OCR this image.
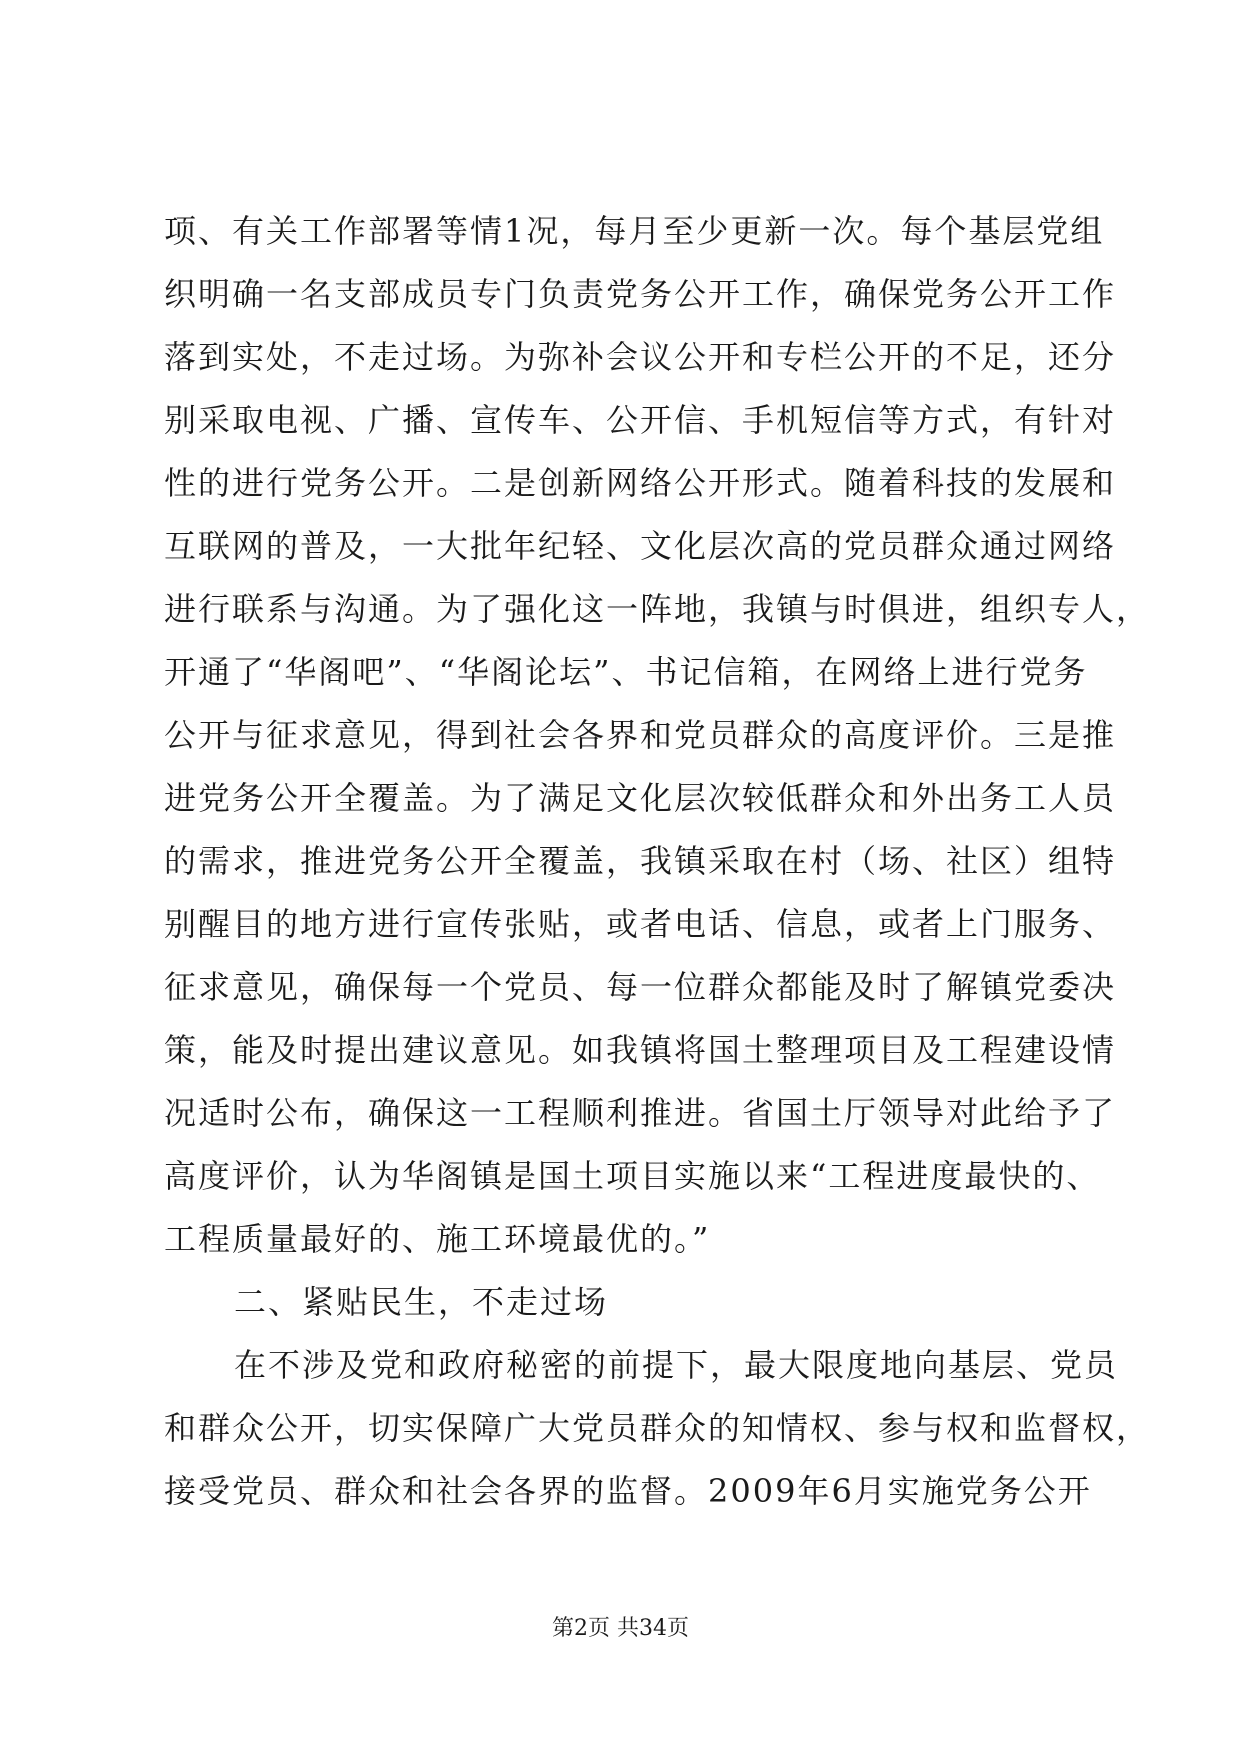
项、有关工作部署等情1况，每月至少更新一次。每个基层党组
织明确一名支部成员专门负责党务公开工作，确保党务公开工作
落到实处，不走过场。为弥补会议公开和专栏公开的不足，还分
别采取电视、广播、宣传车、公开信、手机短信等方式，有针对
性的进行党务公开。二是创新网络公开形式。随着科技的发展和
互联网的普及，一大批年纪轻、文化层次高的党员群众通过网络
进行联系与沟通。为了强化这一阵地，我镇与时俱进，组织专人，
开通了“华阁吧”、“华阁论坛”、书记信箱，在网络上进行党务
公开与征求意见，得到社会各界和党员群众的高度评价。三是推
进党务公开全覆盖。为了满足文化层次较低群众和外出务工人员
的需求，推进党务公开全覆盖，我镇采取在村（场、社区）组特
别醒目的地方进行宣传张贴，或者电话、信息，或者上门服务、
征求意见，确保每一个党员、每一位群众都能及时了解镇党委决
策，能及时提出建议意见。如我镇将国土整理项目及工程建设情
况适时公布，确保这一工程顺利推进。省国土厅领导对此给予了
高度评价，认为华阁镇是国土项目实施以来“工程进度最快的、
工程质量最好的、施工环境最优的。”
二、紧贴民生，不走过场
在不涉及党和政府秘密的前提下，最大限度地向基层、党员
和群众公开，切实保障广大党员群众的知情权、参与权和监督权，
接受党员、群众和社会各界的监督。2009年6月实施党务公开
第2页 共34页
